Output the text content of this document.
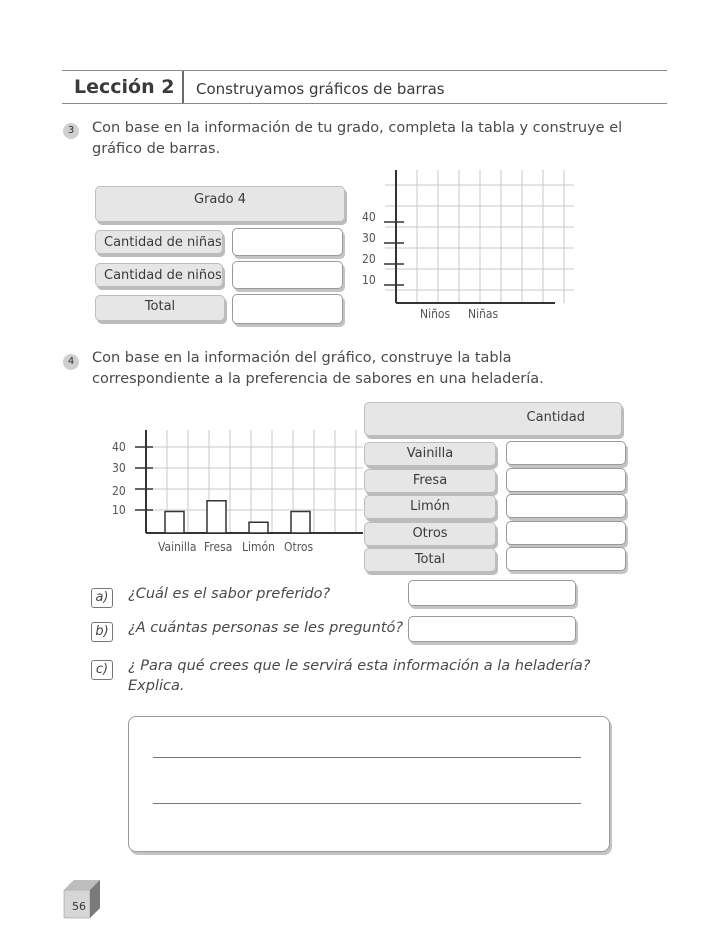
Lección 2 Construyamos gráficos de barras
3	Con base en la información de tu grado, completa la tabla y construye el
gráfico de barras.
Grado 4
Cantidad de niñas
Cantidad de niños
Total
40
30
20
10
Niños Niñas
4	Con base en la información del gráfico, construye la tabla
correspondiente a la preferencia de sabores en una heladería.
40
30
20
10
Vainilla Fresa Limón Otros
Cantidad
Vainilla
Fresa
Limón
Otros
Total
a)	¿Cuál es el sabor preferido?
b) ¿A cuántas personas se les preguntó?
c)	¿ Para qué crees que le servirá esta información a la heladería?
Explica.
56
